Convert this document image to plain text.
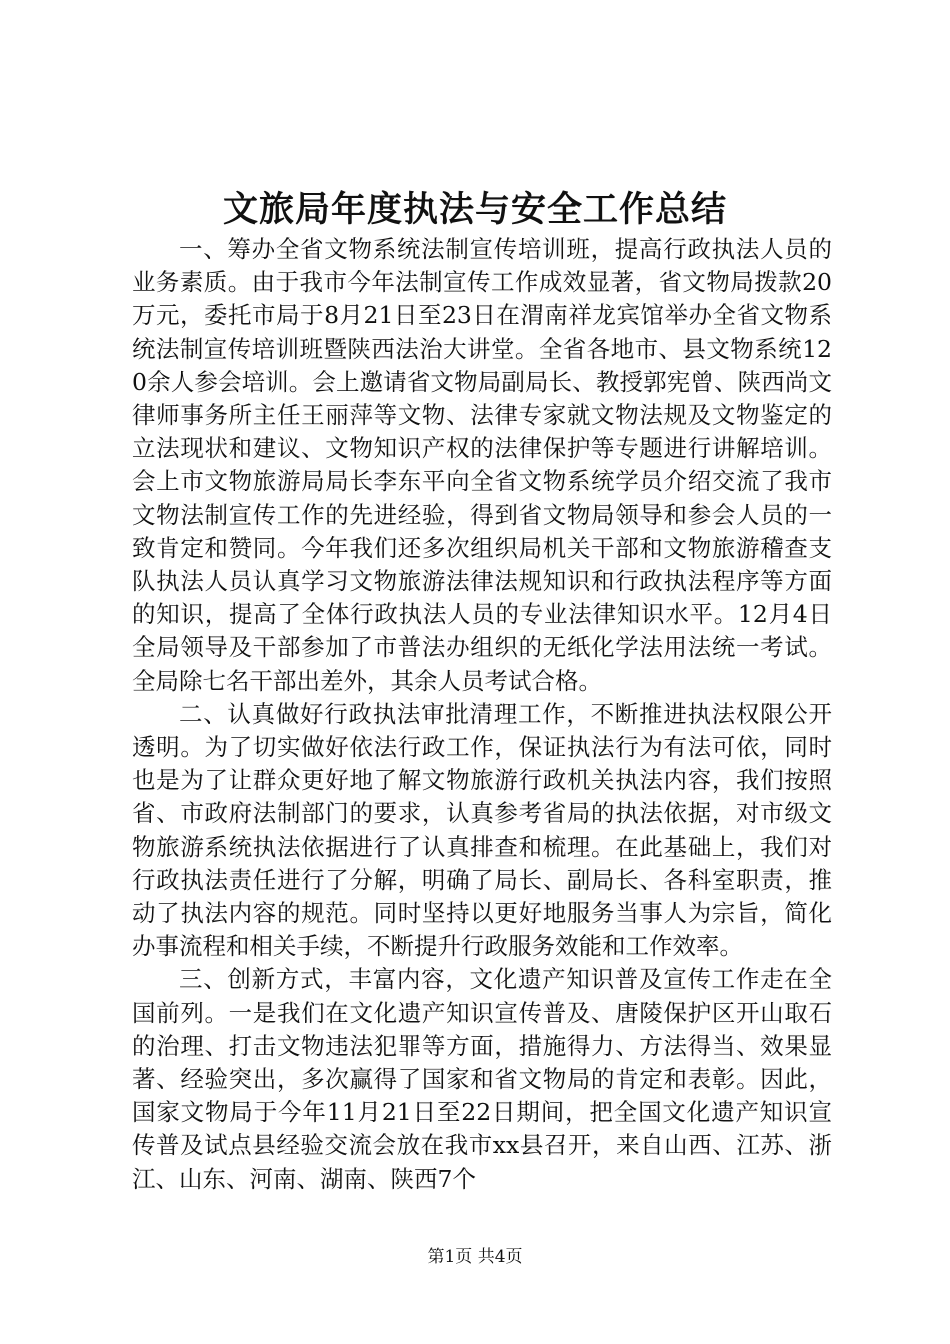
文旅局年度执法与安全工作总结

一、筹办全省文物系统法制宣传培训班，提高行政执法人员的业务素质。由于我市今年法制宣传工作成效显著，省文物局拨款20万元，委托市局于8月21日至23日在渭南祥龙宾馆举办全省文物系统法制宣传培训班暨陕西法治大讲堂。全省各地市、县文物系统120余人参会培训。会上邀请省文物局副局长、教授郭宪曾、陕西尚文律师事务所主任王丽萍等文物、法律专家就文物法规及文物鉴定的立法现状和建议、文物知识产权的法律保护等专题进行讲解培训。会上市文物旅游局局长李东平向全省文物系统学员介绍交流了我市文物法制宣传工作的先进经验，得到省文物局领导和参会人员的一致肯定和赞同。今年我们还多次组织局机关干部和文物旅游稽查支队执法人员认真学习文物旅游法律法规知识和行政执法程序等方面的知识，提高了全体行政执法人员的专业法律知识水平。12月4日全局领导及干部参加了市普法办组织的无纸化学法用法统一考试。全局除七名干部出差外，其余人员考试合格。

二、认真做好行政执法审批清理工作，不断推进执法权限公开透明。为了切实做好依法行政工作，保证执法行为有法可依，同时也是为了让群众更好地了解文物旅游行政机关执法内容，我们按照省、市政府法制部门的要求，认真参考省局的执法依据，对市级文物旅游系统执法依据进行了认真排查和梳理。在此基础上，我们对行政执法责任进行了分解，明确了局长、副局长、各科室职责，推动了执法内容的规范。同时坚持以更好地服务当事人为宗旨，简化办事流程和相关手续，不断提升行政服务效能和工作效率。

三、创新方式，丰富内容，文化遗产知识普及宣传工作走在全国前列。一是我们在文化遗产知识宣传普及、唐陵保护区开山取石的治理、打击文物违法犯罪等方面，措施得力、方法得当、效果显著、经验突出，多次赢得了国家和省文物局的肯定和表彰。因此，国家文物局于今年11月21日至22日期间，把全国文化遗产知识宣传普及试点县经验交流会放在我市xx县召开，来自山西、江苏、浙江、山东、河南、湖南、陕西7个

第1页 共4页
